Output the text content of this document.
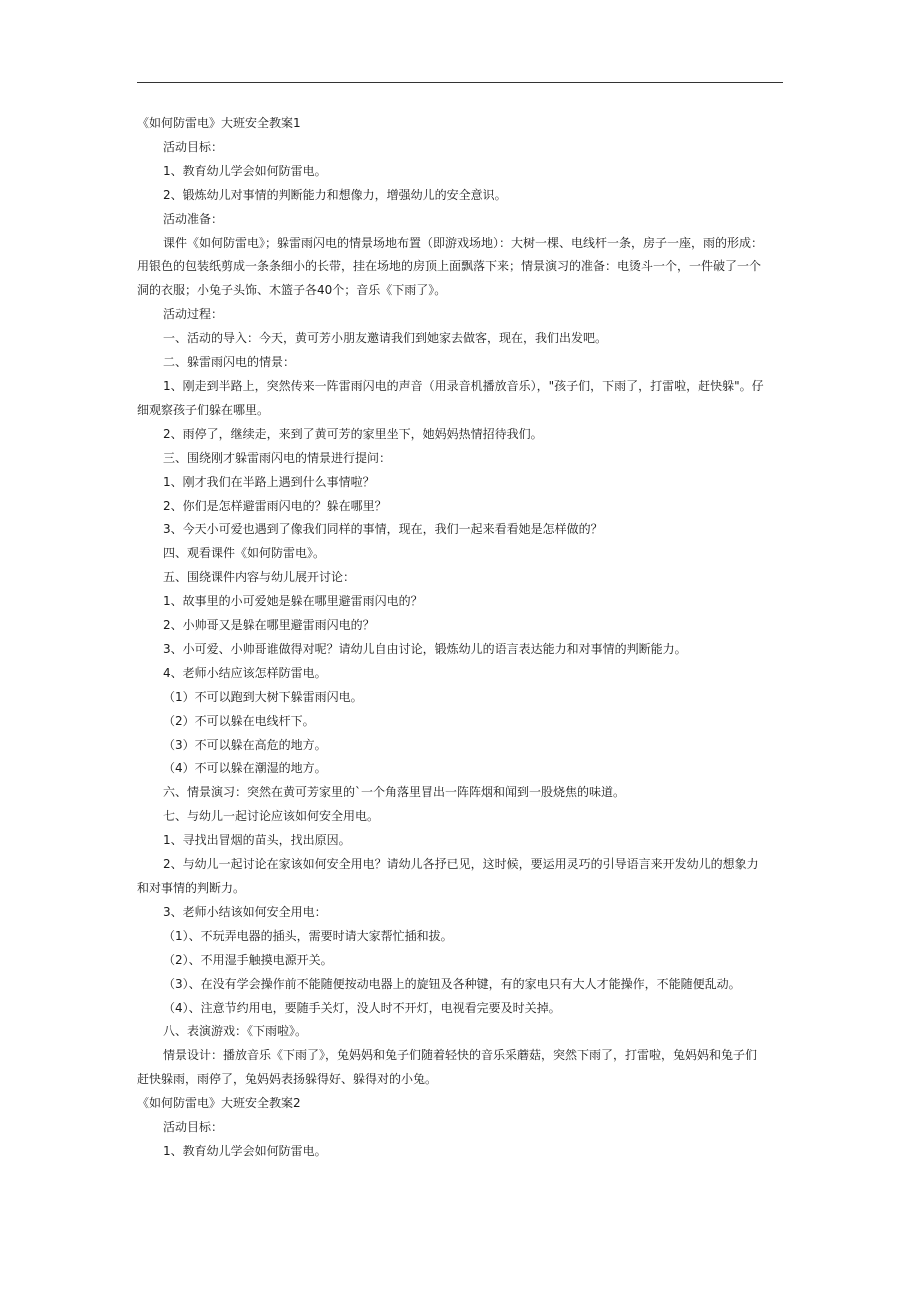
《如何防雷电》大班安全教案1
活动目标：
1、教育幼儿学会如何防雷电。
2、锻炼幼儿对事情的判断能力和想像力，增强幼儿的安全意识。
活动准备：
课件《如何防雷电》；躲雷雨闪电的情景场地布置（即游戏场地）：大树一棵、电线杆一条，房子一座，雨的形成：
用银色的包装纸剪成一条条细小的长带，挂在场地的房顶上面飘落下来；情景演习的准备：电烫斗一个，一件破了一个
洞的衣服；小兔子头饰、木篮子各40个；音乐《下雨了》。
活动过程：
一、活动的导入：今天，黄可芳小朋友邀请我们到她家去做客，现在，我们出发吧。
二、躲雷雨闪电的情景：
1、刚走到半路上，突然传来一阵雷雨闪电的声音（用录音机播放音乐），"孩子们，下雨了，打雷啦，赶快躲"。仔
细观察孩子们躲在哪里。
2、雨停了，继续走，来到了黄可芳的家里坐下，她妈妈热情招待我们。
三、围绕刚才躲雷雨闪电的情景进行提问：
1、刚才我们在半路上遇到什么事情啦？
2、你们是怎样避雷雨闪电的？躲在哪里？
3、今天小可爱也遇到了像我们同样的事情，现在，我们一起来看看她是怎样做的？
四、观看课件《如何防雷电》。
五、围绕课件内容与幼儿展开讨论：
1、故事里的小可爱她是躲在哪里避雷雨闪电的？
2、小帅哥又是躲在哪里避雷雨闪电的？
3、小可爱、小帅哥谁做得对呢？请幼儿自由讨论，锻炼幼儿的语言表达能力和对事情的判断能力。
4、老师小结应该怎样防雷电。
（1）不可以跑到大树下躲雷雨闪电。
（2）不可以躲在电线杆下。
（3）不可以躲在高危的地方。
（4）不可以躲在潮湿的地方。
六、情景演习：突然在黄可芳家里的`一个角落里冒出一阵阵烟和闻到一股烧焦的味道。
七、与幼儿一起讨论应该如何安全用电。
1、寻找出冒烟的苗头，找出原因。
2、与幼儿一起讨论在家该如何安全用电？请幼儿各抒已见，这时候，要运用灵巧的引导语言来开发幼儿的想象力
和对事情的判断力。
3、老师小结该如何安全用电：
（1）、不玩弄电器的插头，需要时请大家帮忙插和拔。
（2）、不用湿手触摸电源开关。
（3）、在没有学会操作前不能随便按动电器上的旋钮及各种键，有的家电只有大人才能操作，不能随便乱动。
（4）、注意节约用电，要随手关灯，没人时不开灯，电视看完要及时关掉。
八、表演游戏：《下雨啦》。
情景设计：播放音乐《下雨了》，兔妈妈和兔子们随着轻快的音乐采蘑菇，突然下雨了，打雷啦，兔妈妈和兔子们
赶快躲雨，雨停了，兔妈妈表扬躲得好、躲得对的小兔。
《如何防雷电》大班安全教案2
活动目标：
1、教育幼儿学会如何防雷电。
